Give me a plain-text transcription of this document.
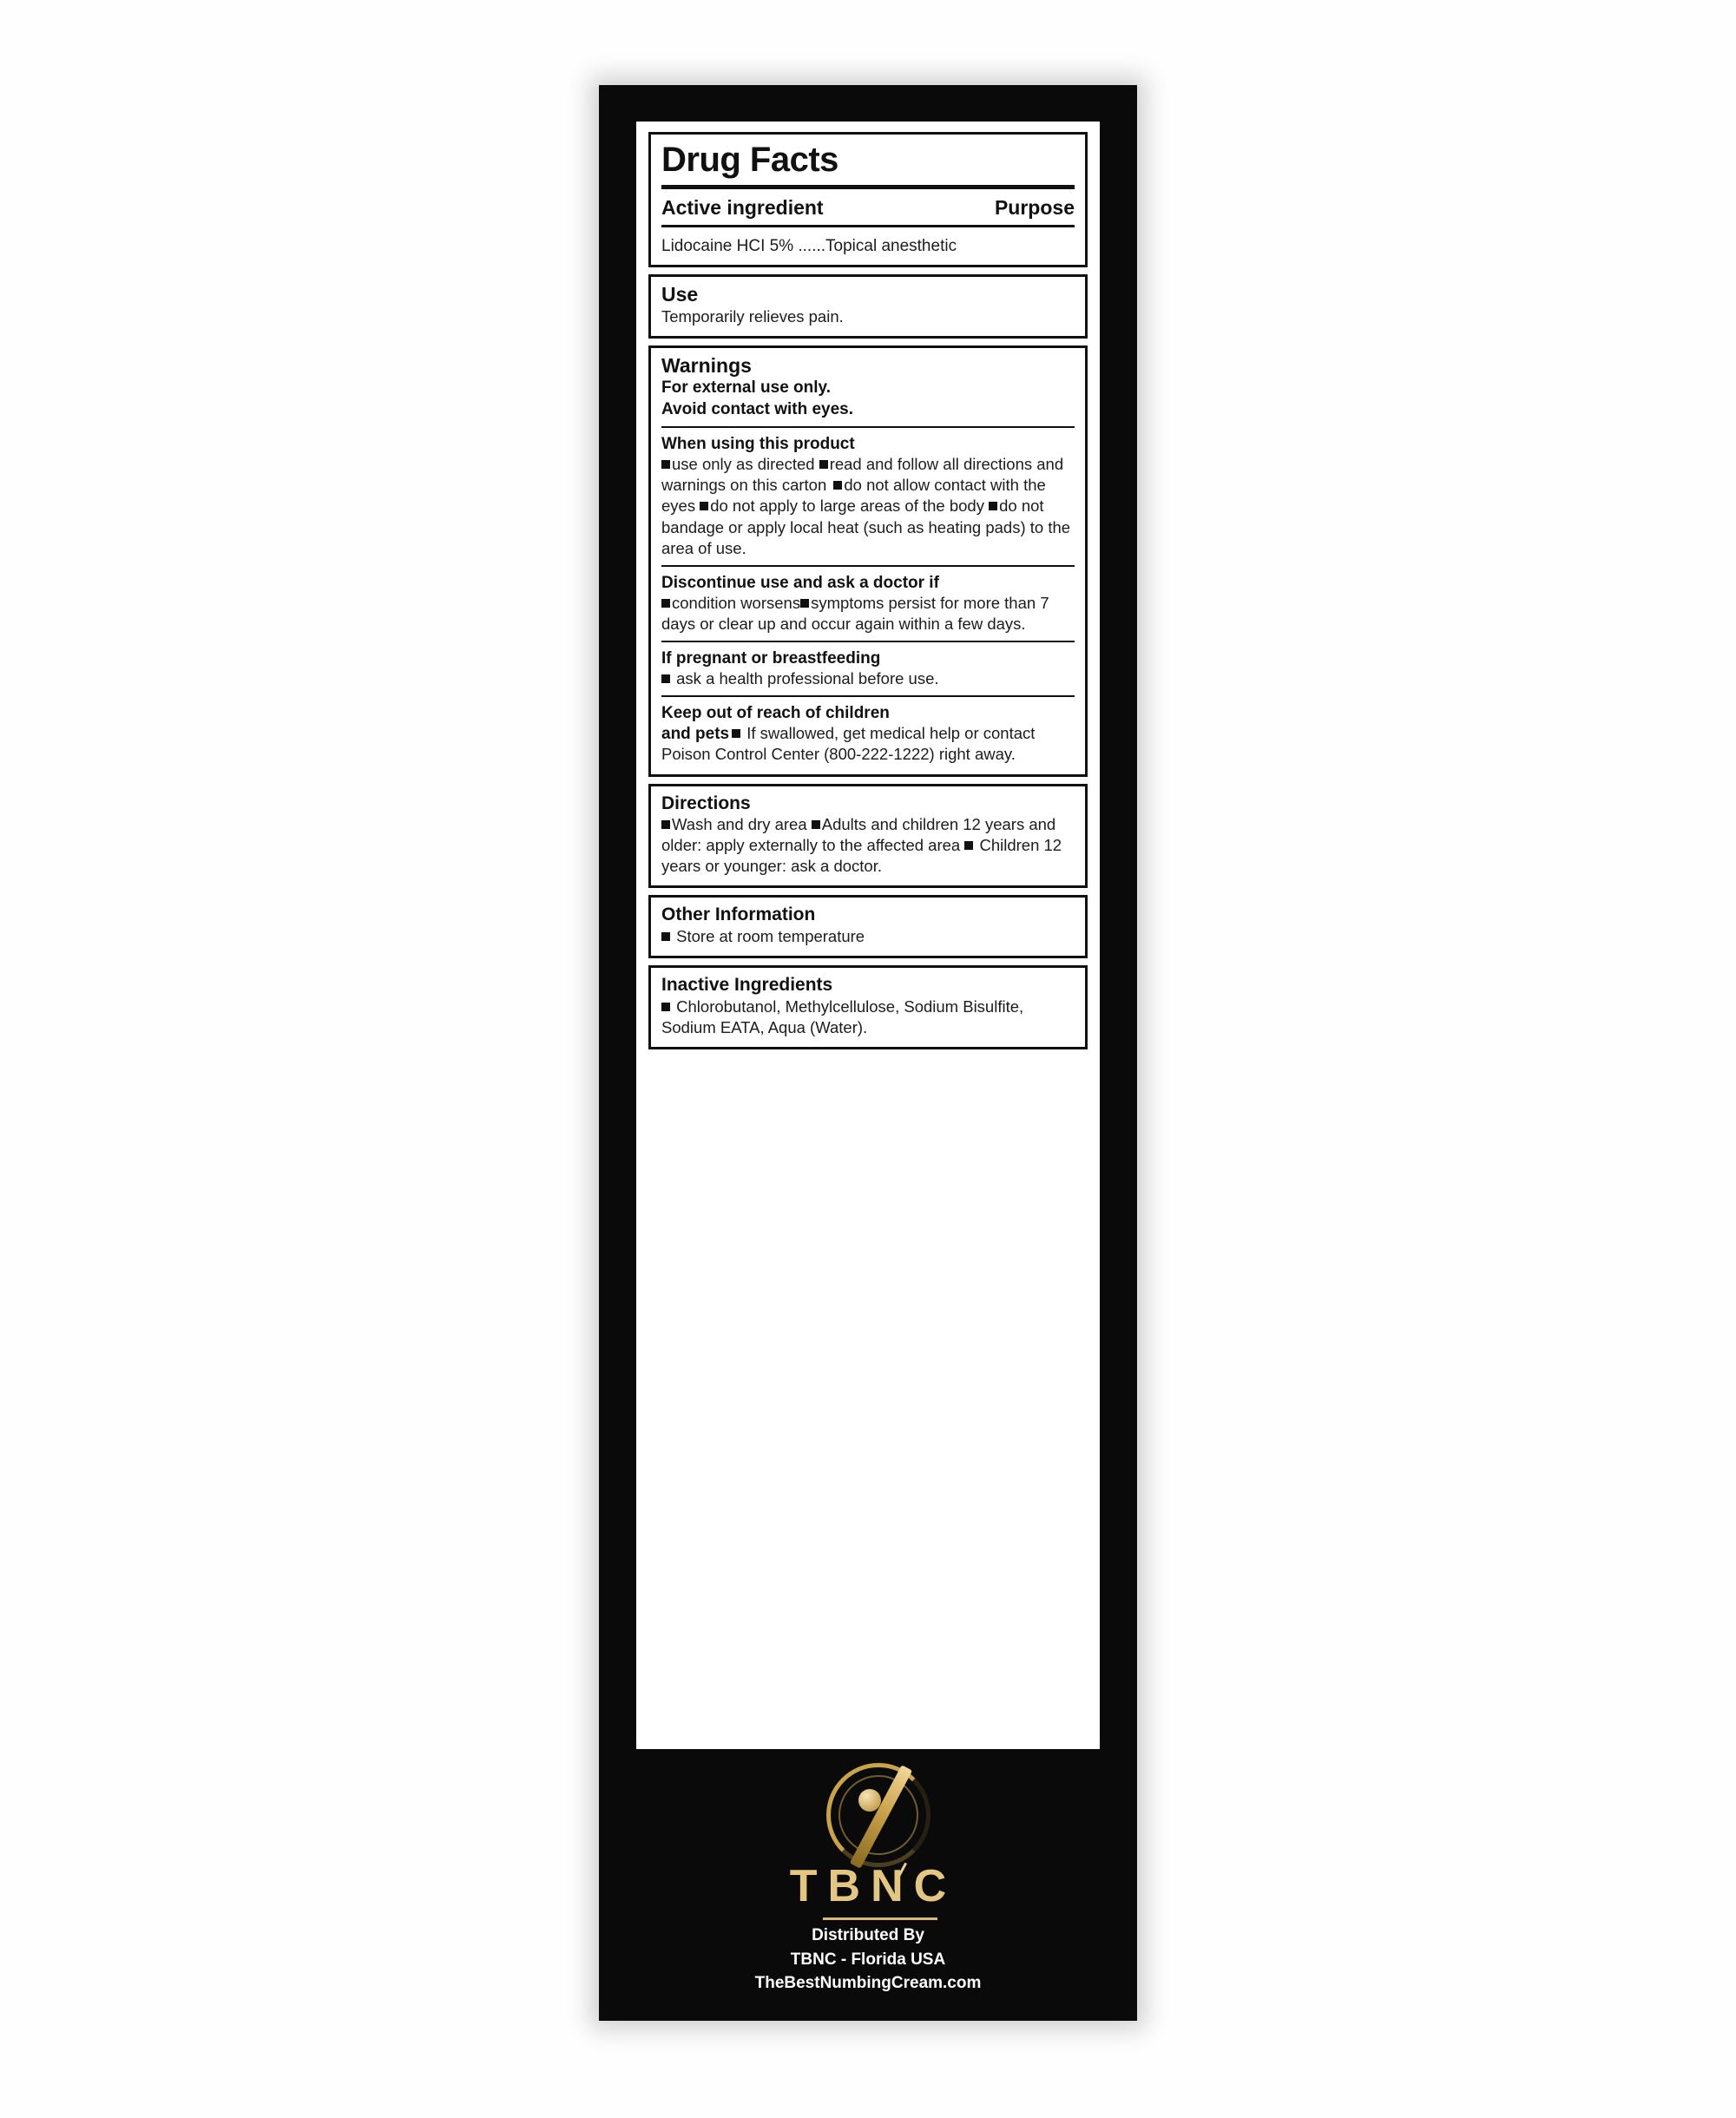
Drug Facts
Active ingredient	Purpose
Lidocaine HCI 5% ......Topical anesthetic
Use
Temporarily relieves pain.
Warnings
For external use only.
Avoid contact with eyes.
When using this product
use only as directed read and follow all directions and warnings on this carton do not allow contact with the eyes do not apply to large areas of the body do not bandage or apply local heat (such as heating pads) to the area of use.
Discontinue use and ask a doctor if
condition worsens symptoms persist for more than 7 days or clear up and occur again within a few days.
If pregnant or breastfeeding
ask a health professional before use.
Keep out of reach of children
and pets If swallowed, get medical help or contact Poison Control Center (800-222-1222) right away.
Directions
Wash and dry area Adults and children 12 years and older: apply externally to the affected area  Children 12 years or younger: ask a doctor.
Other Information
Store at room temperature
Inactive Ingredients
Chlorobutanol, Methylcellulose, Sodium Bisulfite, Sodium EATA, Aqua (Water).
TBNC
Distributed By
TBNC - Florida USA
TheBestNumbingCream.com
